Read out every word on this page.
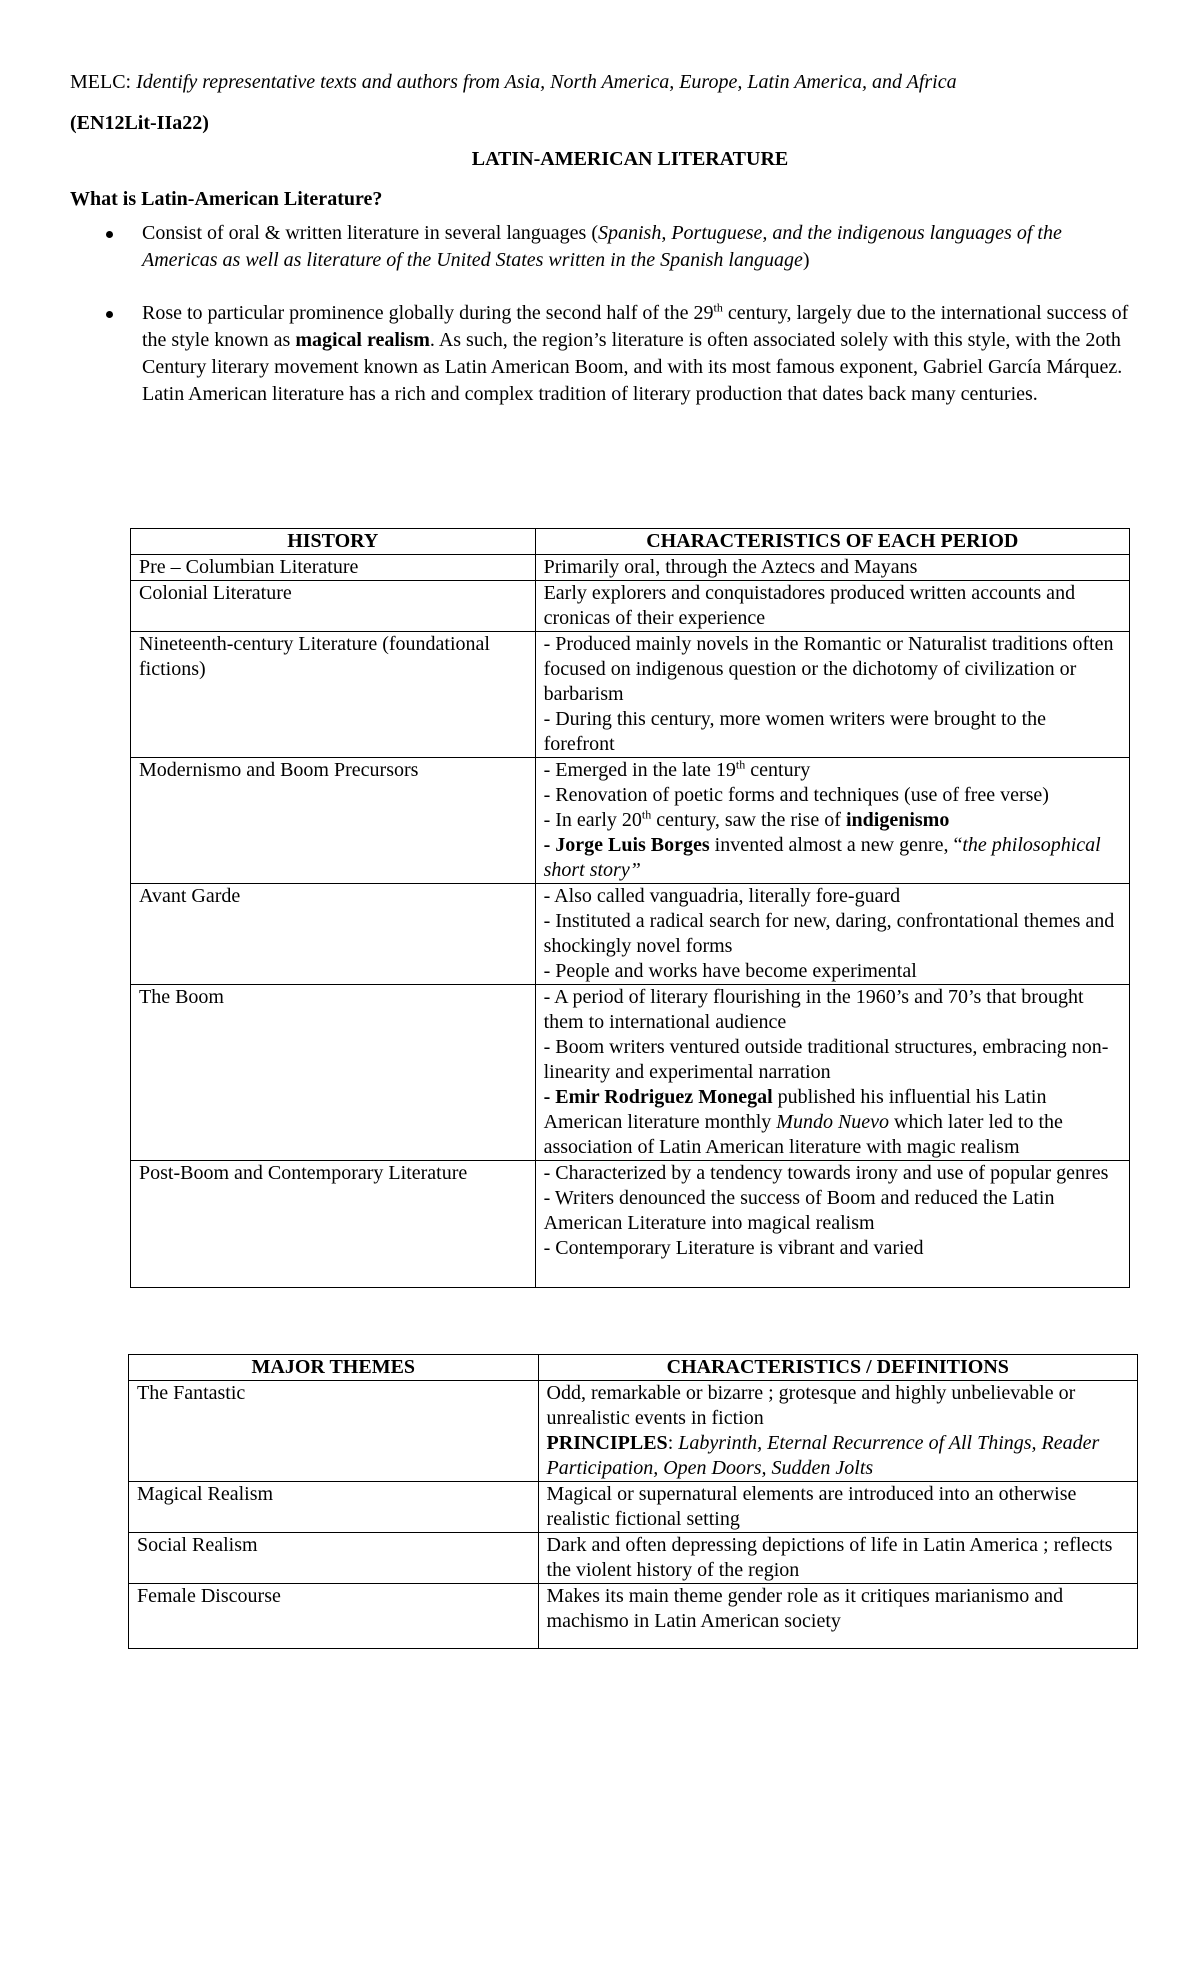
MELC: Identify representative texts and authors from Asia, North America, Europe, Latin America, and Africa

(EN12Lit-IIa22)

LATIN-AMERICAN LITERATURE

What is Latin-American Literature?

Consist of oral & written literature in several languages (Spanish, Portuguese, and the indigenous languages of the Americas as well as literature of the United States written in the Spanish language)
Rose to particular prominence globally during the second half of the 29th century, largely due to the international success of the style known as magical realism. As such, the region’s literature is often associated solely with this style, with the 2oth Century literary movement known as Latin American Boom, and with its most famous exponent, Gabriel García Márquez. Latin American literature has a rich and complex tradition of literary production that dates back many centuries.
HISTORY	CHARACTERISTICS OF EACH PERIOD
Pre – Columbian Literature	Primarily oral, through the Aztecs and Mayans

Colonial Literature	Early explorers and conquistadores produced written accounts and cronicas of their experience

Nineteenth-century Literature (foundational fictions)	- Produced mainly novels in the Romantic or Naturalist traditions often focused on indigenous question or the dichotomy of civilization or barbarism
- During this century, more women writers were brought to the forefront

Modernismo and Boom Precursors	- Emerged in the late 19th century
- Renovation of poetic forms and techniques (use of free verse)
- In early 20th century, saw the rise of indigenismo
- Jorge Luis Borges invented almost a new genre, “the philosophical short story”

Avant Garde	- Also called vanguadria, literally fore-guard
- Instituted a radical search for new, daring, confrontational themes and shockingly novel forms
- People and works have become experimental

The Boom	- A period of literary flourishing in the 1960’s and 70’s that brought them to international audience
- Boom writers ventured outside traditional structures, embracing non-linearity and experimental narration
- Emir Rodriguez Monegal published his influential his Latin American literature monthly Mundo Nuevo which later led to the association of Latin American literature with magic realism

Post-Boom and Contemporary Literature	- Characterized by a tendency towards irony and use of popular genres
- Writers denounced the success of Boom and reduced the Latin American Literature into magical realism
- Contemporary Literature is vibrant and varied
MAJOR THEMES	CHARACTERISTICS / DEFINITIONS
The Fantastic	Odd, remarkable or bizarre ; grotesque and highly unbelievable or unrealistic events in fiction
PRINCIPLES: Labyrinth, Eternal Recurrence of All Things, Reader Participation, Open Doors, Sudden Jolts

Magical Realism	Magical or supernatural elements are introduced into an otherwise realistic fictional setting
Social Realism	Dark and often depressing depictions of life in Latin America ; reflects the violent history of the region
Female Discourse	Makes its main theme gender role as it critiques marianismo and machismo in Latin American society
